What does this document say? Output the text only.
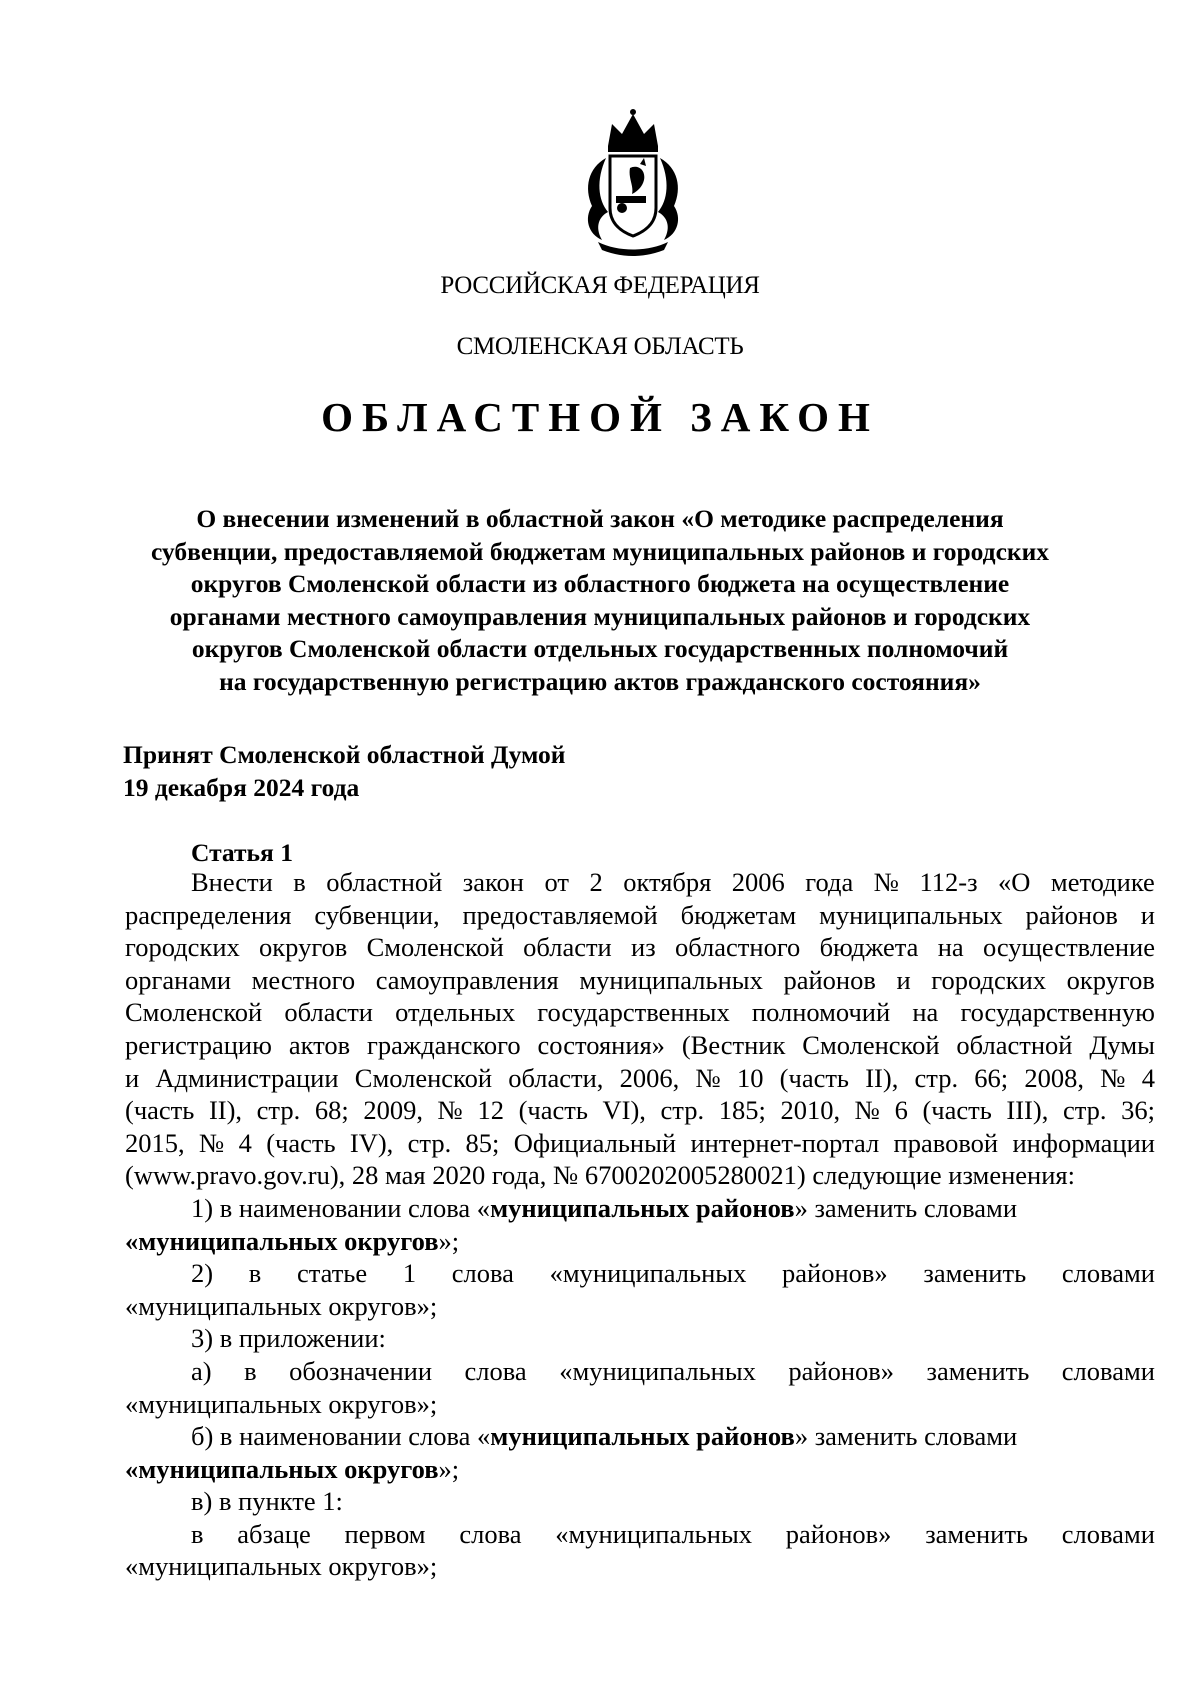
РОССИЙСКАЯ ФЕДЕРАЦИЯ
СМОЛЕНСКАЯ ОБЛАСТЬ
ОБЛАСТНОЙ ЗАКОН
О внесении изменений в областной закон «О методике распределения
субвенции, предоставляемой бюджетам муниципальных районов и городских
округов Смоленской области из областного бюджета на осуществление
органами местного самоуправления муниципальных районов и городских
округов Смоленской области отдельных государственных полномочий
на государственную регистрацию актов гражданского состояния»
Принят Смоленской областной Думой
19 декабря 2024 года
Статья 1
Внести в областной закон от 2 октября 2006 года № 112-з «О методике
распределения субвенции, предоставляемой бюджетам муниципальных районов и
городских округов Смоленской области из областного бюджета на осуществление
органами местного самоуправления муниципальных районов и городских округов
Смоленской области отдельных государственных полномочий на государственную
регистрацию актов гражданского состояния» (Вестник Смоленской областной Думы
и Администрации Смоленской области, 2006, № 10 (часть II), стр. 66; 2008, № 4
(часть II), стр. 68; 2009, № 12 (часть VI), стр. 185; 2010, № 6 (часть III), стр. 36;
2015, № 4 (часть IV), стр. 85; Официальный интернет-портал правовой информации
(www.pravo.gov.ru), 28 мая 2020 года, № 6700202005280021) следующие изменения:
1) в наименовании слова «муниципальных районов» заменить словами
«муниципальных округов»;
2) в статье 1 слова «муниципальных районов» заменить словами
«муниципальных округов»;
3) в приложении:
а) в обозначении слова «муниципальных районов» заменить словами
«муниципальных округов»;
б) в наименовании слова «муниципальных районов» заменить словами
«муниципальных округов»;
в) в пункте 1:
в абзаце первом слова «муниципальных районов» заменить словами
«муниципальных округов»;
